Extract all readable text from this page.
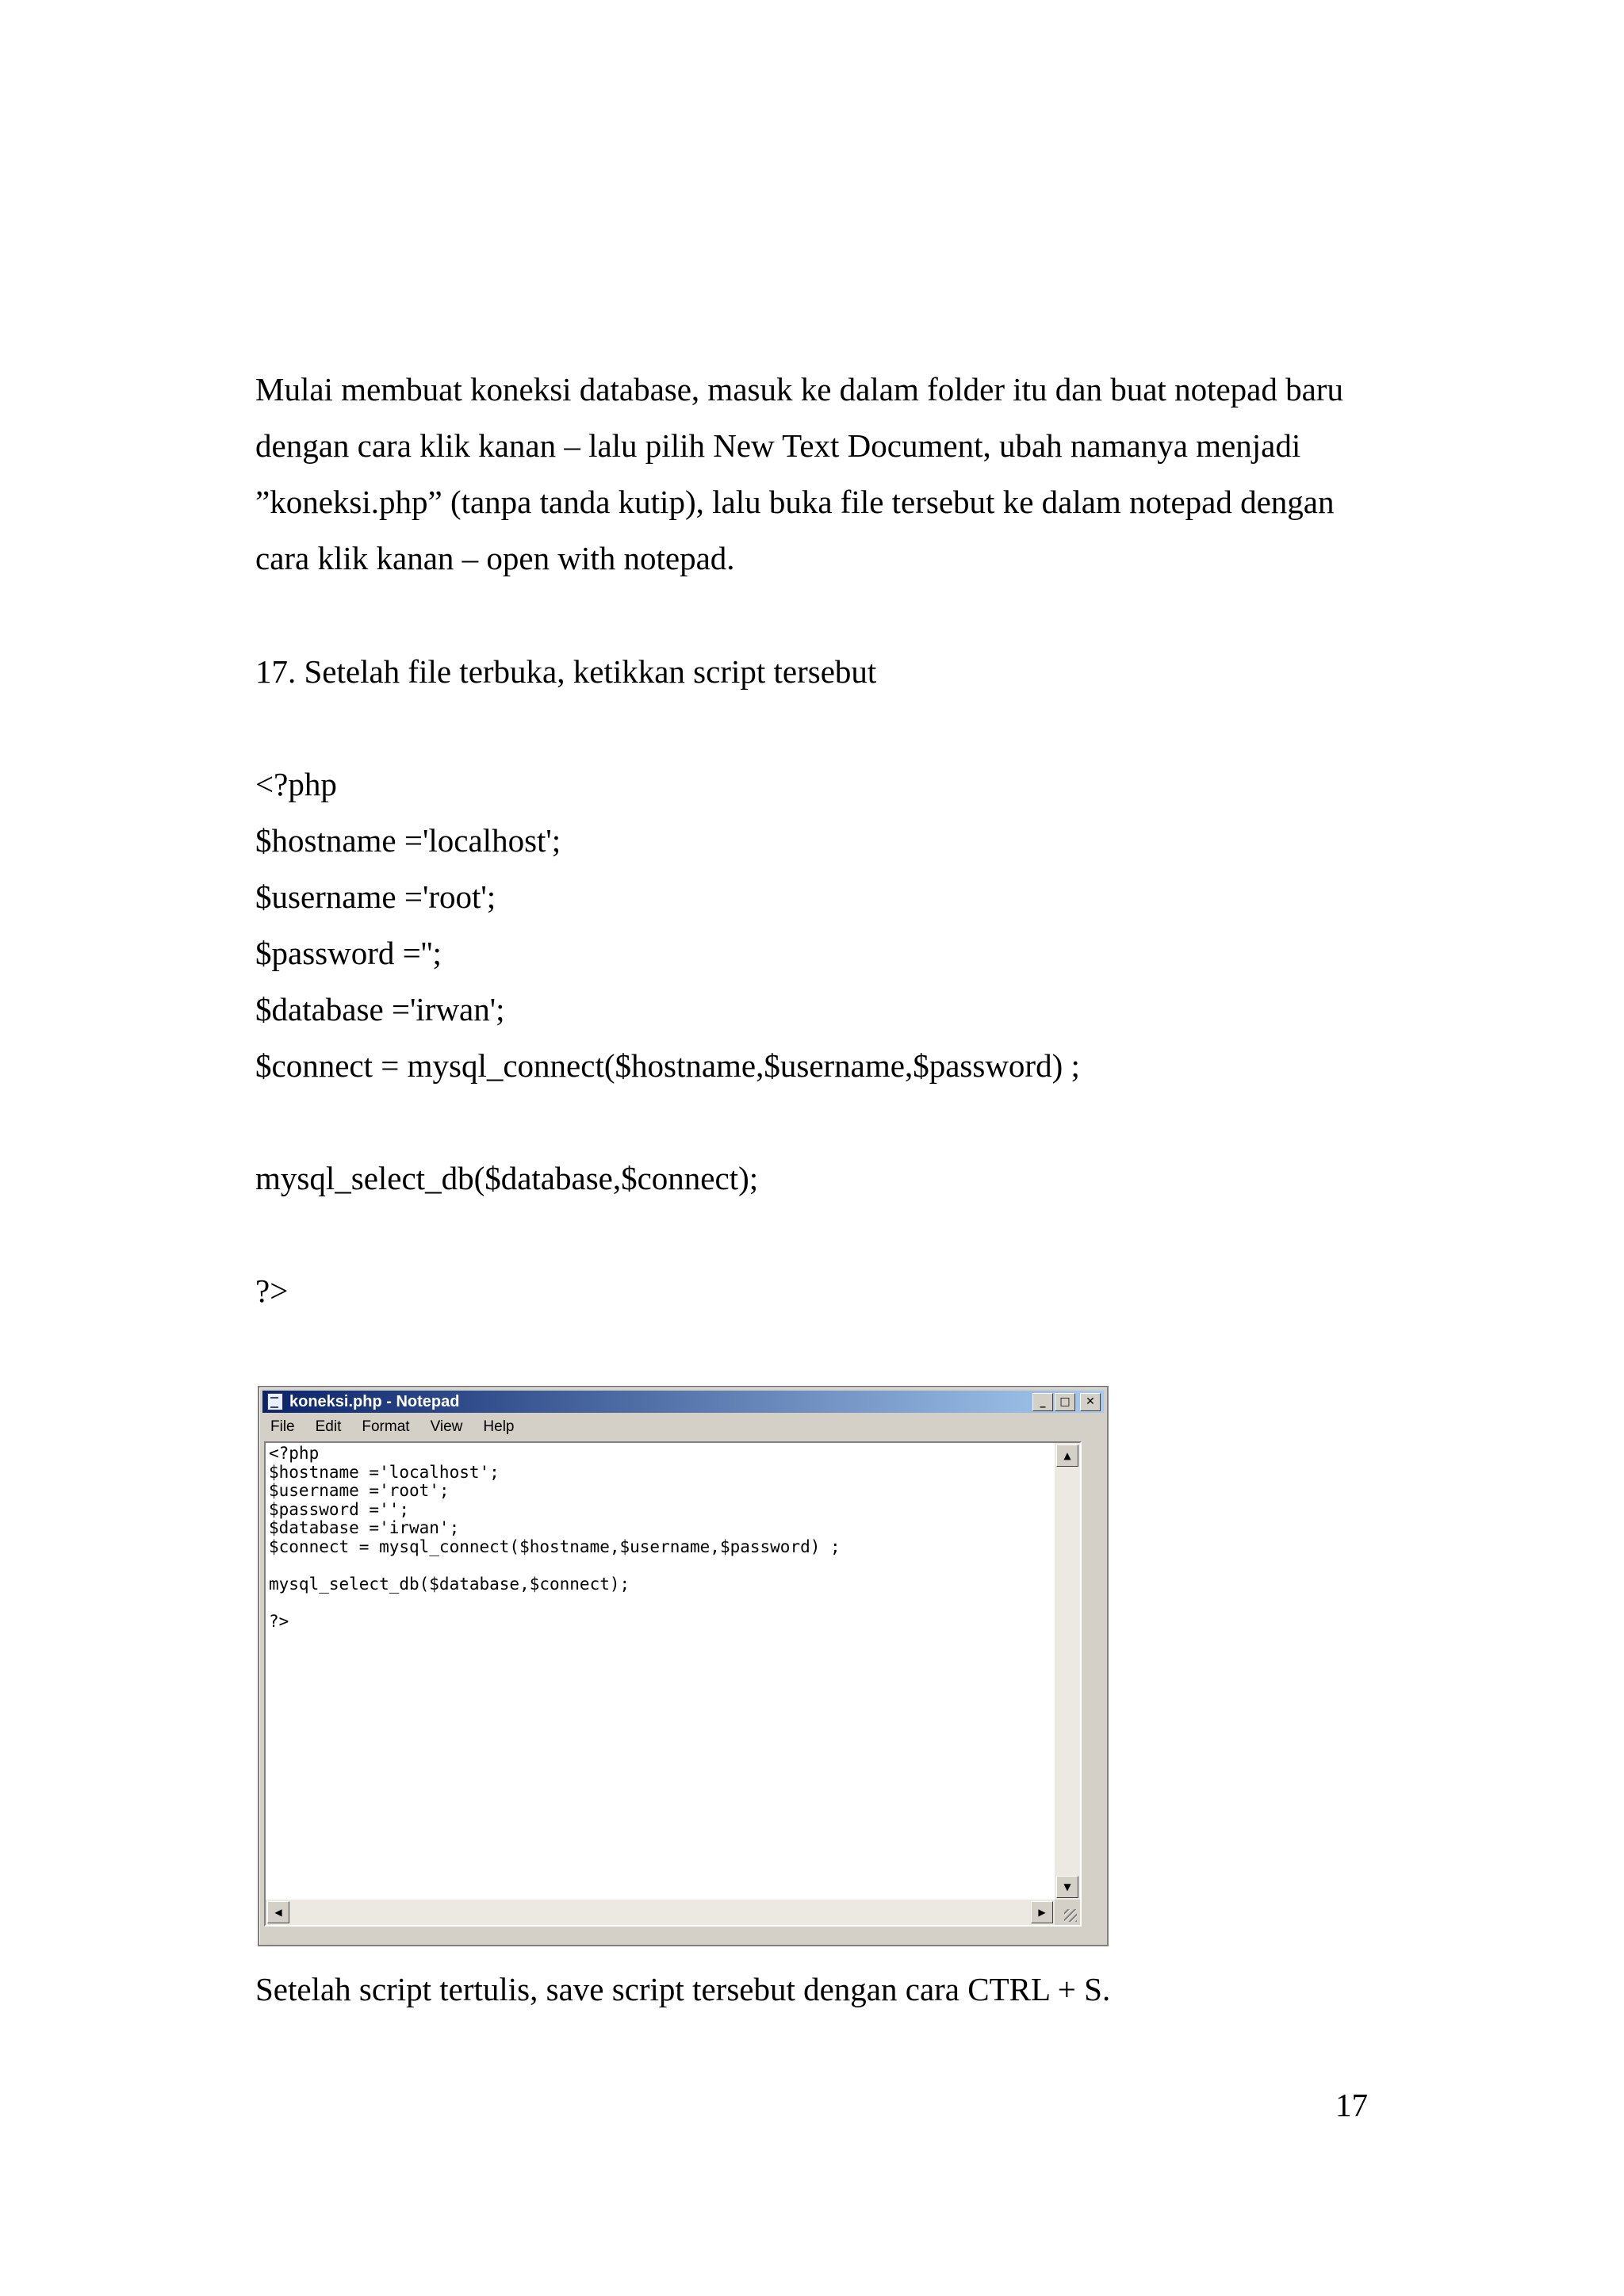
Mulai membuat koneksi database, masuk ke dalam folder itu dan buat notepad baru
dengan cara klik kanan – lalu pilih New Text Document, ubah namanya menjadi
”koneksi.php” (tanpa tanda kutip), lalu buka file tersebut ke dalam notepad dengan
cara klik kanan – open with notepad.
17. Setelah file terbuka, ketikkan script tersebut
<?php
$hostname ='localhost';
$username ='root';
$password ='';
$database ='irwan';
$connect = mysql_connect($hostname,$username,$password) ;
mysql_select_db($database,$connect);
?>
koneksi.php - Notepad	_	□	✕
File	Edit	Format	View	Help
<?php
$hostname ='localhost';
$username ='root';
$password ='';
$database ='irwan';
$connect = mysql_connect($hostname,$username,$password) ;

mysql_select_db($database,$connect);

?>
▲
▼
◀	▶
Setelah script tertulis, save script tersebut dengan cara CTRL + S.
17
